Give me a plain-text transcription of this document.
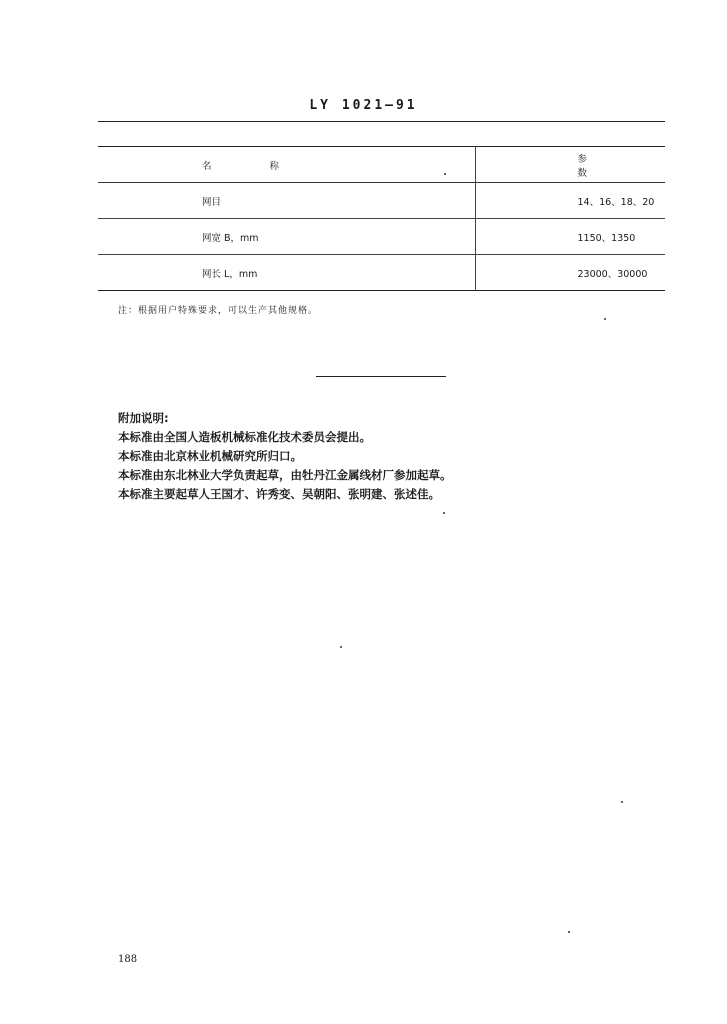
LY 1021—91
名称	参数
网目	14、16、18、20
网宽 B，mm	1150、1350
网长 L，mm	23000、30000
注：根据用户特殊要求，可以生产其他规格。
附加说明:
本标准由全国人造板机械标准化技术委员会提出。
本标准由北京林业机械研究所归口。
本标准由东北林业大学负责起草，由牡丹江金属线材厂参加起草。
本标准主要起草人王国才、许秀变、吴朝阳、张明建、张述佳。
188
